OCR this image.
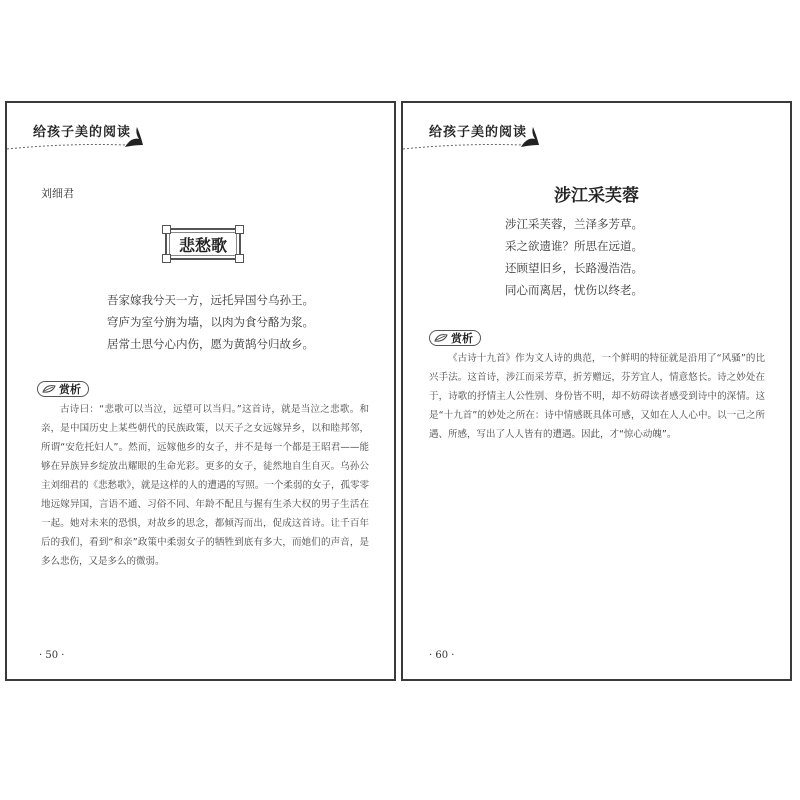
给孩子美的阅读
刘细君
悲愁歌
吾家嫁我兮天一方，远托异国兮乌孙王。
穹庐为室兮旃为墙，以肉为食兮酪为浆。
居常土思兮心内伤，愿为黄鹄兮归故乡。
赏析

古诗曰：“悲歌可以当泣，远望可以当归。”这首诗，就是当泣之悲歌。和亲，是中国历史上某些朝代的民族政策，以天子之女远嫁异乡，以和睦邦邻，所谓“安危托妇人”。然而，远嫁他乡的女子，并不是每一个都是王昭君——能够在异族异乡绽放出耀眼的生命光彩。更多的女子，徒然地自生自灭。乌孙公主刘细君的《悲愁歌》，就是这样的人的遭遇的写照。一个柔弱的女子，孤零零地远嫁异国，言语不通、习俗不同、年龄不配且与握有生杀大权的男子生活在一起。她对未来的恐惧，对故乡的思念，都倾泻而出，促成这首诗。让千百年后的我们，看到“和亲”政策中柔弱女子的牺牲到底有多大，而她们的声音，是多么悲伤，又是多么的微弱。

· 50 ·
给孩子美的阅读
涉江采芙蓉
涉江采芙蓉，兰泽多芳草。
采之欲遗谁？所思在远道。
还顾望旧乡，长路漫浩浩。
同心而离居，忧伤以终老。
赏析

《古诗十九首》作为文人诗的典范，一个鲜明的特征就是沿用了“风骚”的比兴手法。这首诗，涉江而采芳草，折芳赠远，芬芳宜人，情意悠长。诗之妙处在于，诗歌的抒情主人公性别、身份皆不明，却不妨碍读者感受到诗中的深情。这是“十九首”的妙处之所在：诗中情感既具体可感，又如在人人心中。以一己之所遇、所感，写出了人人皆有的遭遇。因此，才“惊心动魄”。

· 60 ·
